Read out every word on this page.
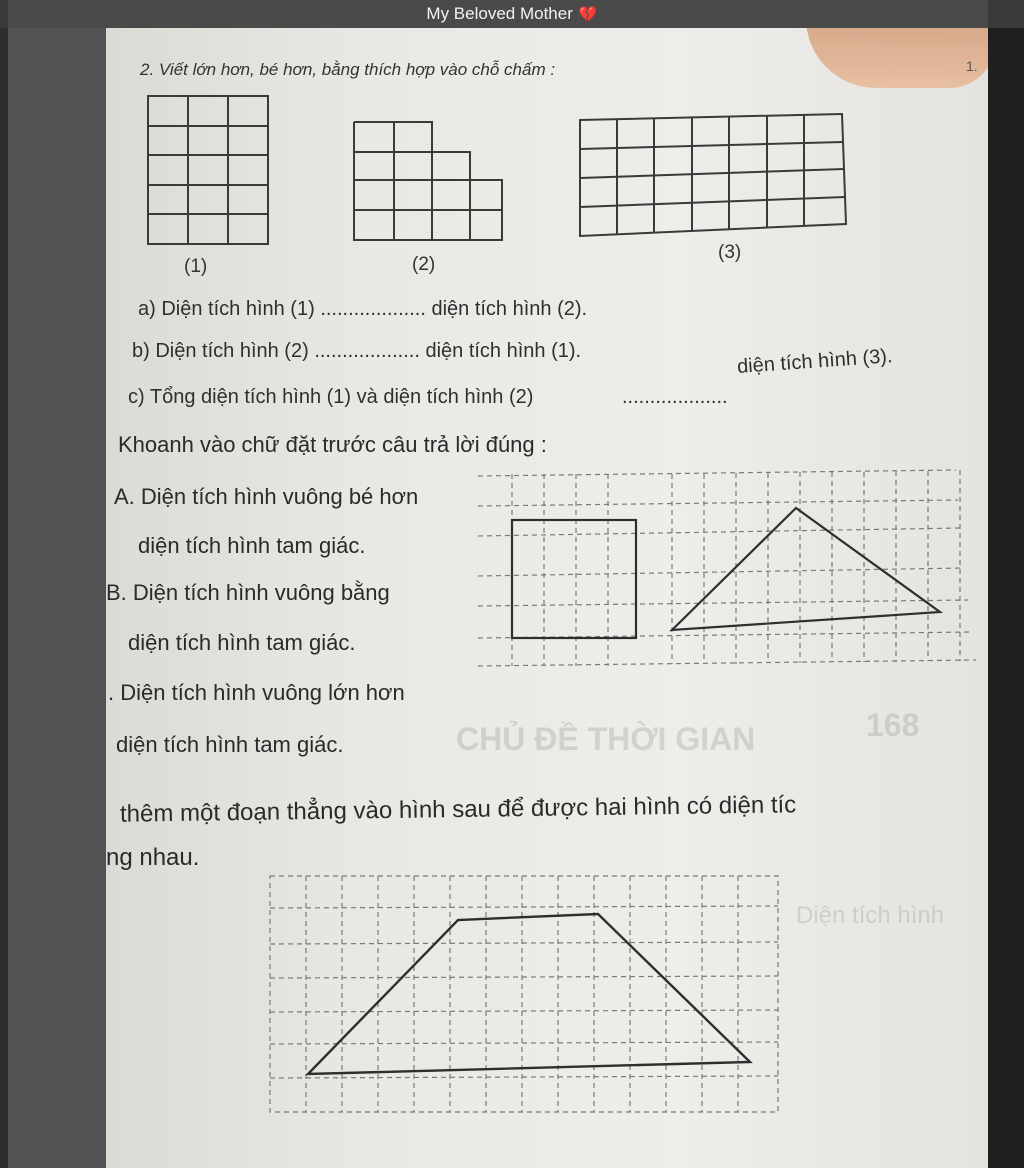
My Beloved Mother 💔
CHỦ ĐỀ THỜI GIAN	168
Diện tích hình
2. Viết lớn hơn, bé hơn, bằng thích hợp vào chỗ chấm :	1.
(1)	(2)
(3)
a) Diện tích hình (1) ................... diện tích hình (2).
b) Diện tích hình (2) ................... diện tích hình (1).
c) Tổng diện tích hình (1) và diện tích hình (2)	...................
diện tích hình (3).
Khoanh vào chữ đặt trước câu trả lời đúng :
A. Diện tích hình vuông bé hơn
diện tích hình tam giác.
B. Diện tích hình vuông bằng
diện tích hình tam giác.
. Diện tích hình vuông lớn hơn
diện tích hình tam giác.
thêm một đoạn thẳng vào hình sau để được hai hình có diện tíc
ng nhau.
